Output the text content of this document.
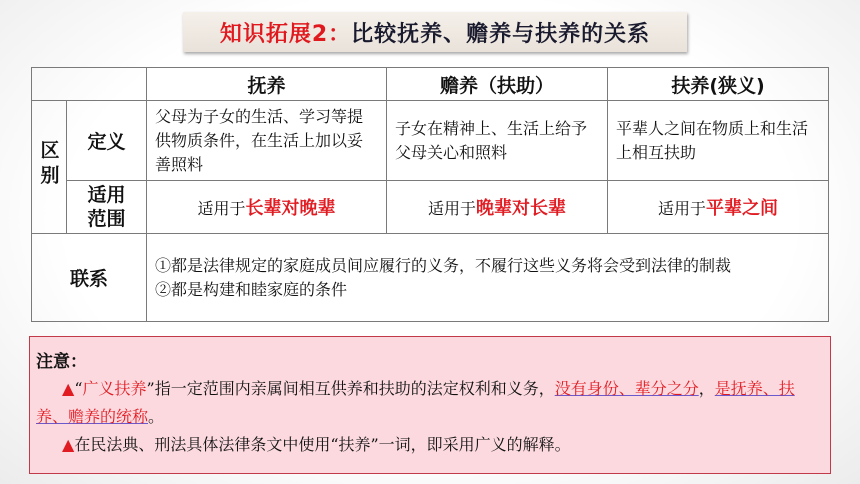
知识拓展2： 比较抚养、赡养与扶养的关系
		抚养	赡养（扶助）	扶养(狭义)
区别	定义	父母为子女的生活、学习等提供物质条件，在生活上加以妥善照料	子女在精神上、生活上给予父母关心和照料	平辈人之间在物质上和生活上相互扶助
	适用范围	适用于长辈对晚辈	适用于晚辈对长辈	适用于平辈之间
联系		①都是法律规定的家庭成员间应履行的义务，不履行这些义务将会受到法律的制裁
②都是构建和睦家庭的条件		
注意：
▲“广义扶养”指一定范围内亲属间相互供养和扶助的法定权利和义务，没有身份、辈分之分，是抚养、扶养、赡养的统称。
▲在民法典、刑法具体法律条文中使用“扶养”一词，即采用广义的解释。
